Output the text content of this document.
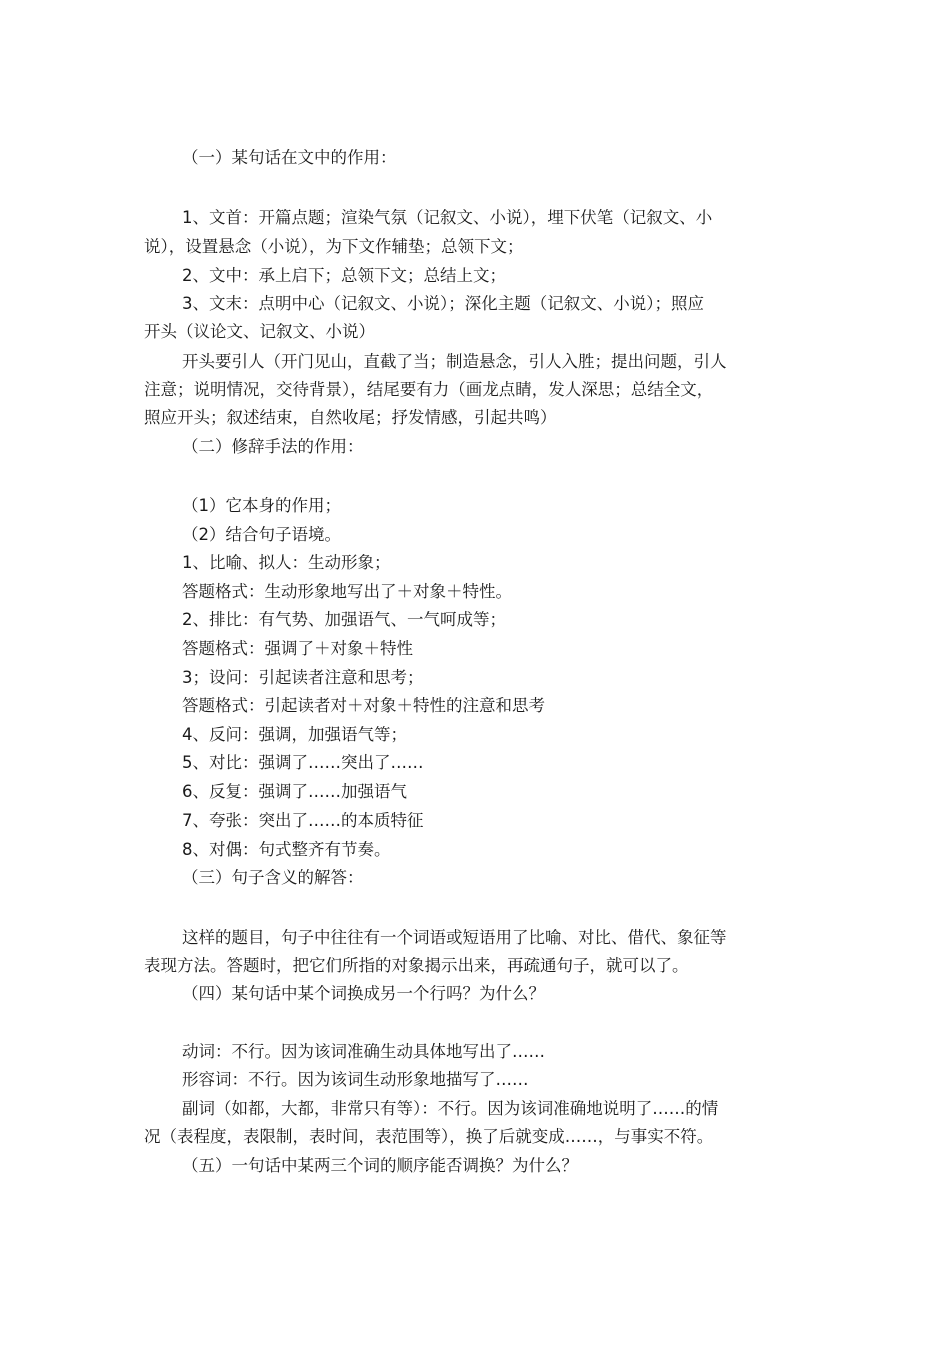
（一）某句话在文中的作用：
1、文首：开篇点题；渲染气氛（记叙文、小说），埋下伏笔（记叙文、小
说），设置悬念（小说），为下文作辅垫；总领下文；
2、文中：承上启下；总领下文；总结上文；
3、文末：点明中心（记叙文、小说）；深化主题（记叙文、小说）；照应
开头（议论文、记叙文、小说）
开头要引人（开门见山，直截了当；制造悬念，引人入胜；提出问题，引人
注意；说明情况，交待背景），结尾要有力（画龙点睛，发人深思；总结全文，
照应开头；叙述结束，自然收尾；抒发情感，引起共鸣）
（二）修辞手法的作用：
（1）它本身的作用；
（2）结合句子语境。
1、比喻、拟人：生动形象；
答题格式：生动形象地写出了＋对象＋特性。
2、排比：有气势、加强语气、一气呵成等；
答题格式：强调了＋对象＋特性
3；设问：引起读者注意和思考；
答题格式：引起读者对＋对象＋特性的注意和思考
4、反问：强调，加强语气等；
5、对比：强调了……突出了……
6、反复：强调了……加强语气
7、夸张：突出了……的本质特征
8、对偶：句式整齐有节奏。
（三）句子含义的解答：
这样的题目，句子中往往有一个词语或短语用了比喻、对比、借代、象征等
表现方法。答题时，把它们所指的对象揭示出来，再疏通句子，就可以了。
（四）某句话中某个词换成另一个行吗？为什么？
动词：不行。因为该词准确生动具体地写出了……
形容词：不行。因为该词生动形象地描写了……
副词（如都，大都，非常只有等）：不行。因为该词准确地说明了……的情
况（表程度，表限制，表时间，表范围等），换了后就变成……，与事实不符。
（五）一句话中某两三个词的顺序能否调换？为什么？
